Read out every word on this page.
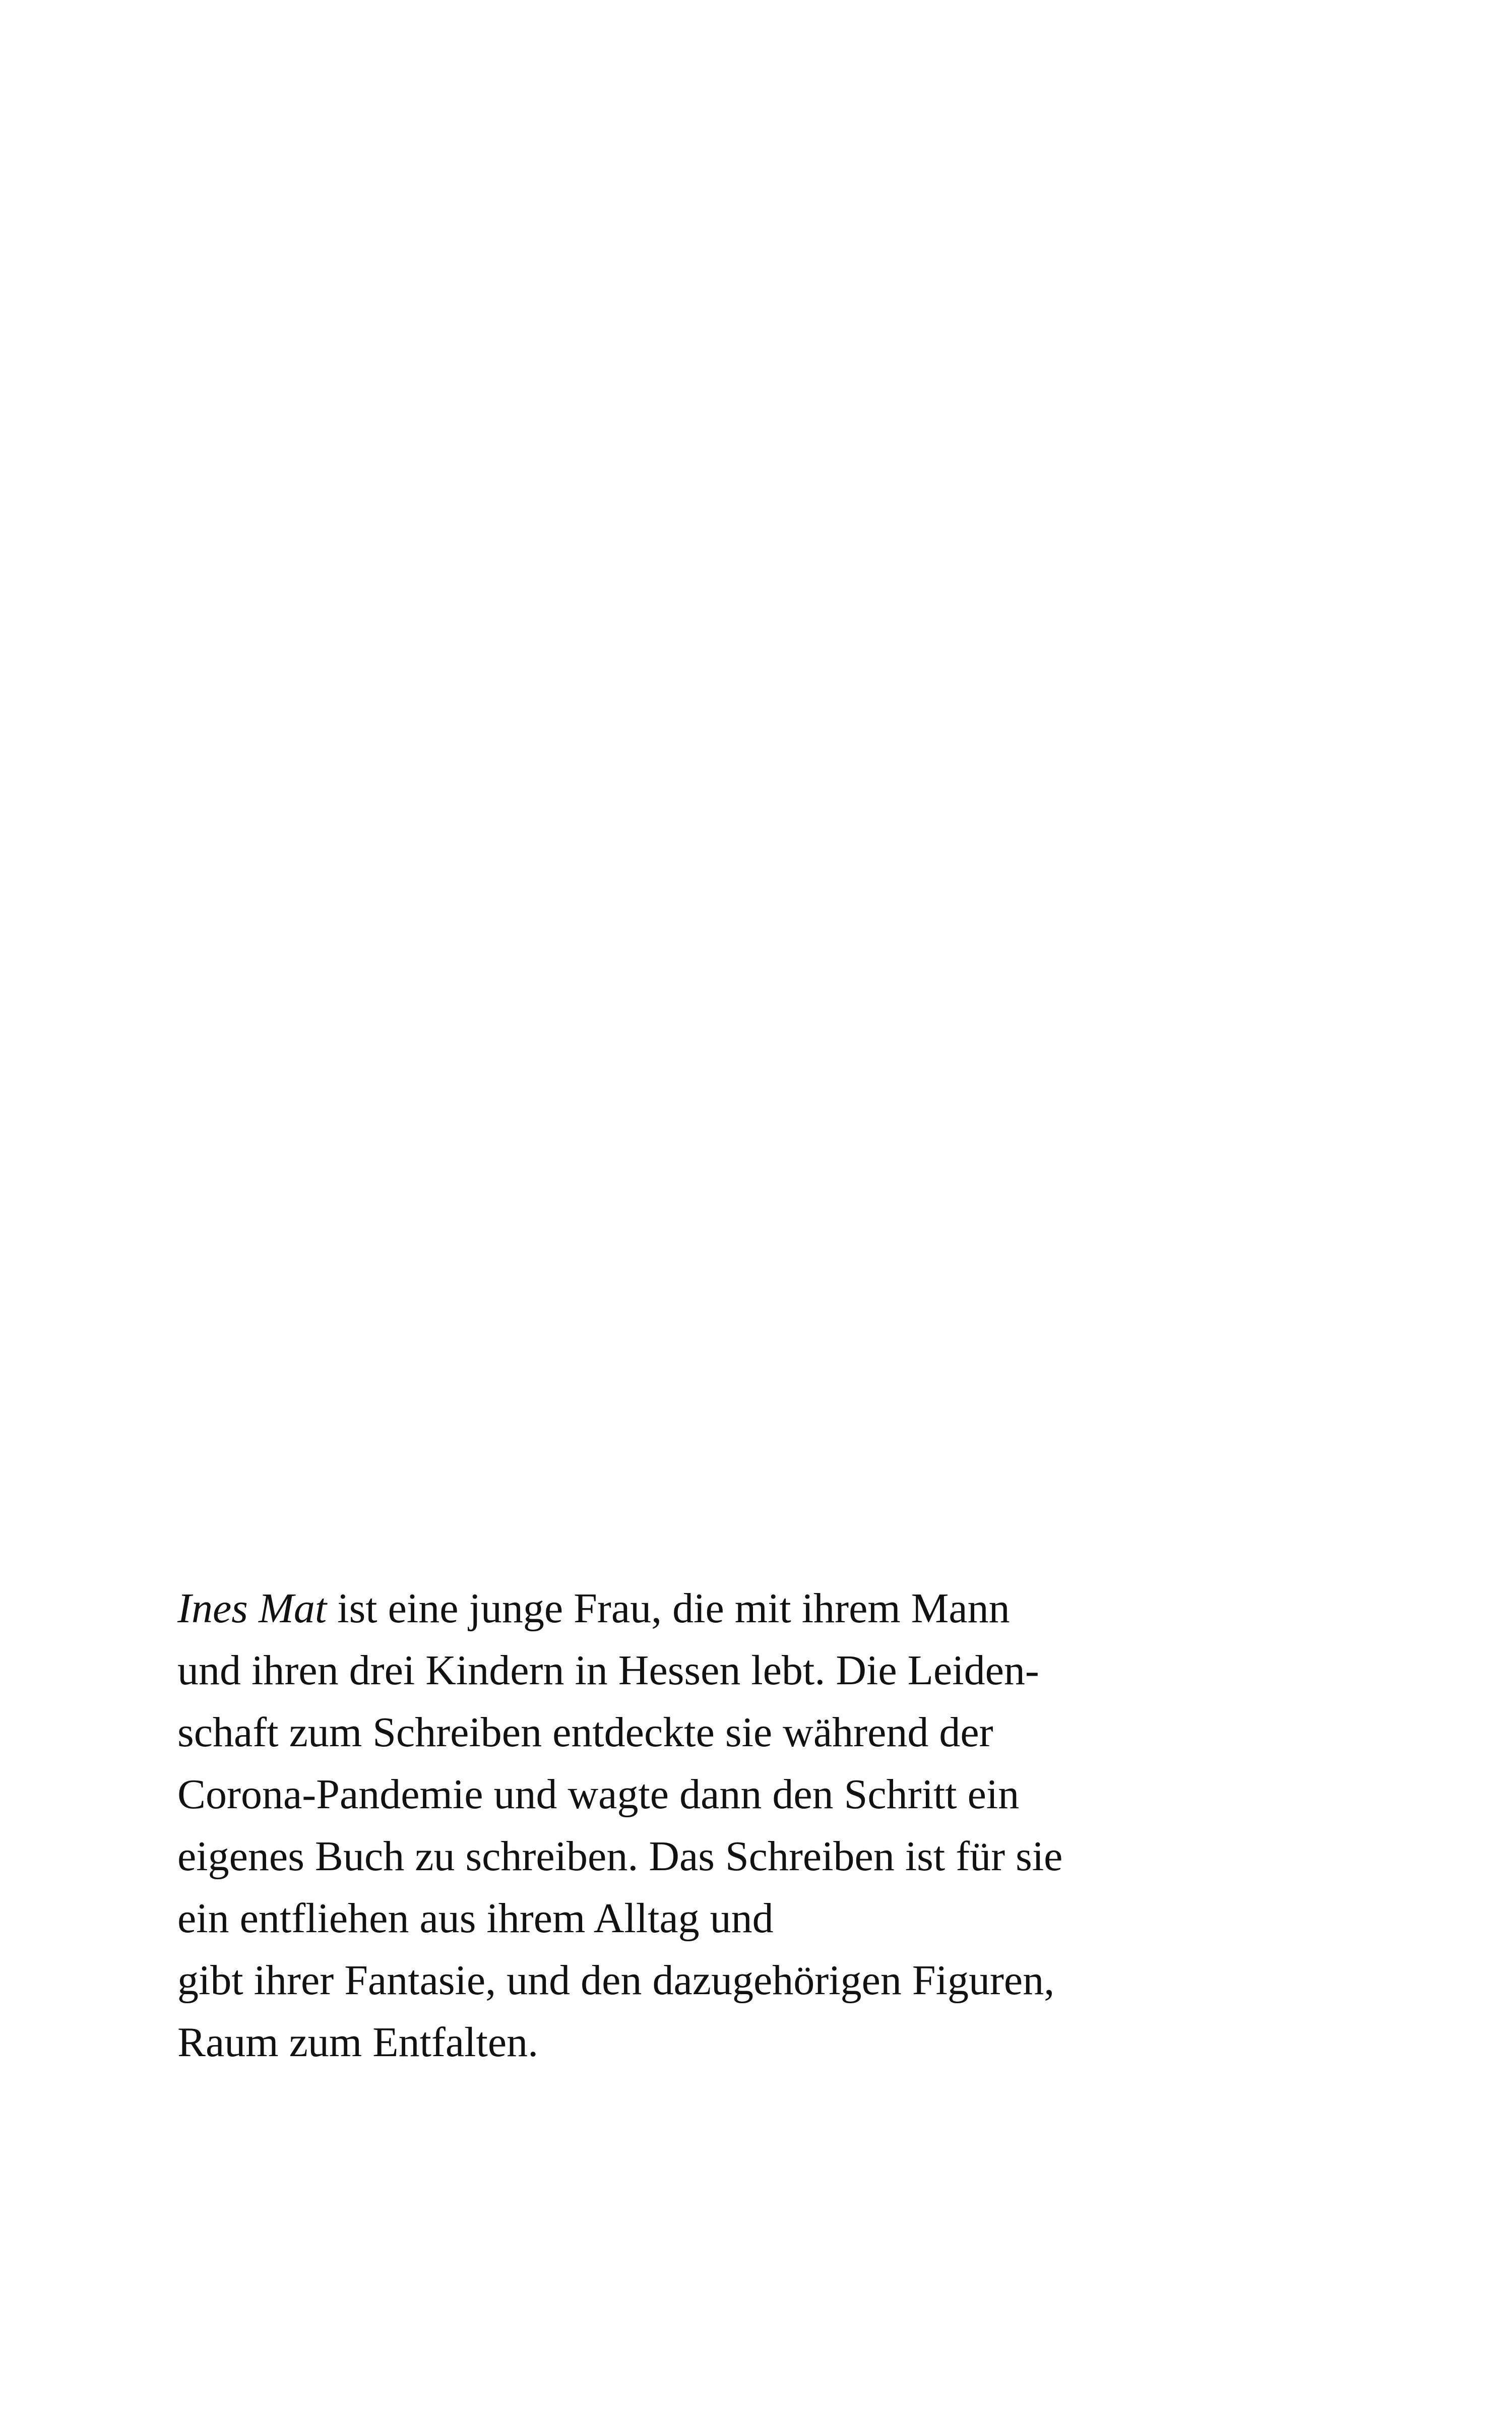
Ines Mat ist eine junge Frau, die mit ihrem Mann
und ihren drei Kindern in Hessen lebt. Die Leiden-
schaft zum Schreiben entdeckte sie während der
Corona-Pandemie und wagte dann den Schritt ein
eigenes Buch zu schreiben. Das Schreiben ist für sie
ein entfliehen aus ihrem Alltag und
gibt ihrer Fantasie, und den dazugehörigen Figuren,
Raum zum Entfalten.
